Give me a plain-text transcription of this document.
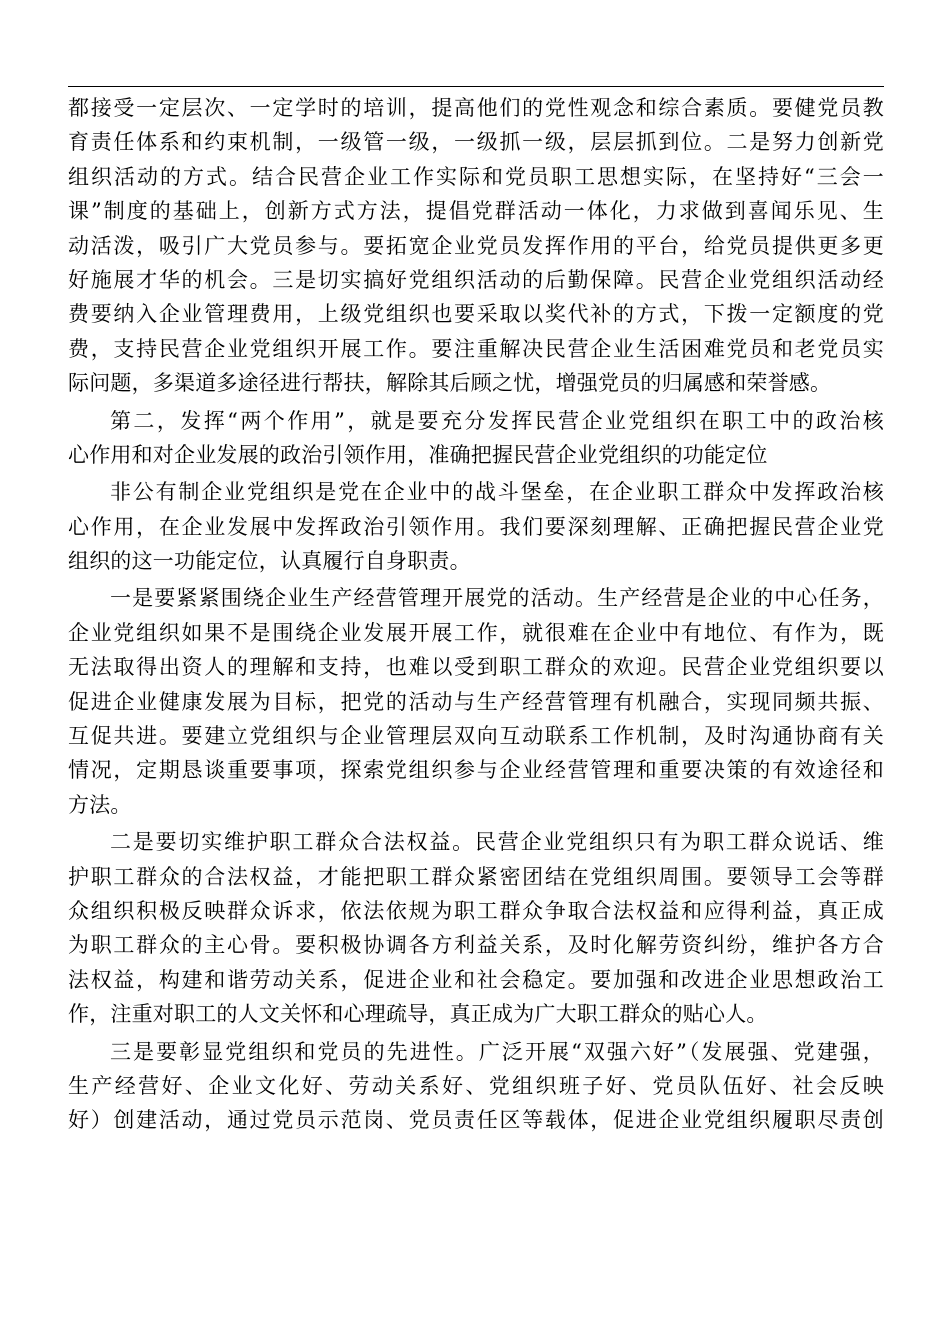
都接受一定层次、一定学时的培训，提高他们的党性观念和综合素质。要健党员教
育责任体系和约束机制，一级管一级，一级抓一级，层层抓到位。二是努力创新党
组织活动的方式。结合民营企业工作实际和党员职工思想实际，在坚持好“三会一
课”制度的基础上，创新方式方法，提倡党群活动一体化，力求做到喜闻乐见、生
动活泼，吸引广大党员参与。要拓宽企业党员发挥作用的平台，给党员提供更多更
好施展才华的机会。三是切实搞好党组织活动的后勤保障。民营企业党组织活动经
费要纳入企业管理费用，上级党组织也要采取以奖代补的方式，下拨一定额度的党
费，支持民营企业党组织开展工作。要注重解决民营企业生活困难党员和老党员实
际问题，多渠道多途径进行帮扶，解除其后顾之忧，增强党员的归属感和荣誉感。
第二，发挥“两个作用”，就是要充分发挥民营企业党组织在职工中的政治核
心作用和对企业发展的政治引领作用，准确把握民营企业党组织的功能定位
非公有制企业党组织是党在企业中的战斗堡垒，在企业职工群众中发挥政治核
心作用，在企业发展中发挥政治引领作用。我们要深刻理解、正确把握民营企业党
组织的这一功能定位，认真履行自身职责。
一是要紧紧围绕企业生产经营管理开展党的活动。生产经营是企业的中心任务，
企业党组织如果不是围绕企业发展开展工作，就很难在企业中有地位、有作为，既
无法取得出资人的理解和支持，也难以受到职工群众的欢迎。民营企业党组织要以
促进企业健康发展为目标，把党的活动与生产经营管理有机融合，实现同频共振、
互促共进。要建立党组织与企业管理层双向互动联系工作机制，及时沟通协商有关
情况，定期恳谈重要事项，探索党组织参与企业经营管理和重要决策的有效途径和
方法。
二是要切实维护职工群众合法权益。民营企业党组织只有为职工群众说话、维
护职工群众的合法权益，才能把职工群众紧密团结在党组织周围。要领导工会等群
众组织积极反映群众诉求，依法依规为职工群众争取合法权益和应得利益，真正成
为职工群众的主心骨。要积极协调各方利益关系，及时化解劳资纠纷，维护各方合
法权益，构建和谐劳动关系，促进企业和社会稳定。要加强和改进企业思想政治工
作，注重对职工的人文关怀和心理疏导，真正成为广大职工群众的贴心人。
三是要彰显党组织和党员的先进性。广泛开展“双强六好”（发展强、党建强，
生产经营好、企业文化好、劳动关系好、党组织班子好、党员队伍好、社会反映
好）创建活动，通过党员示范岗、党员责任区等载体，促进企业党组织履职尽责创
